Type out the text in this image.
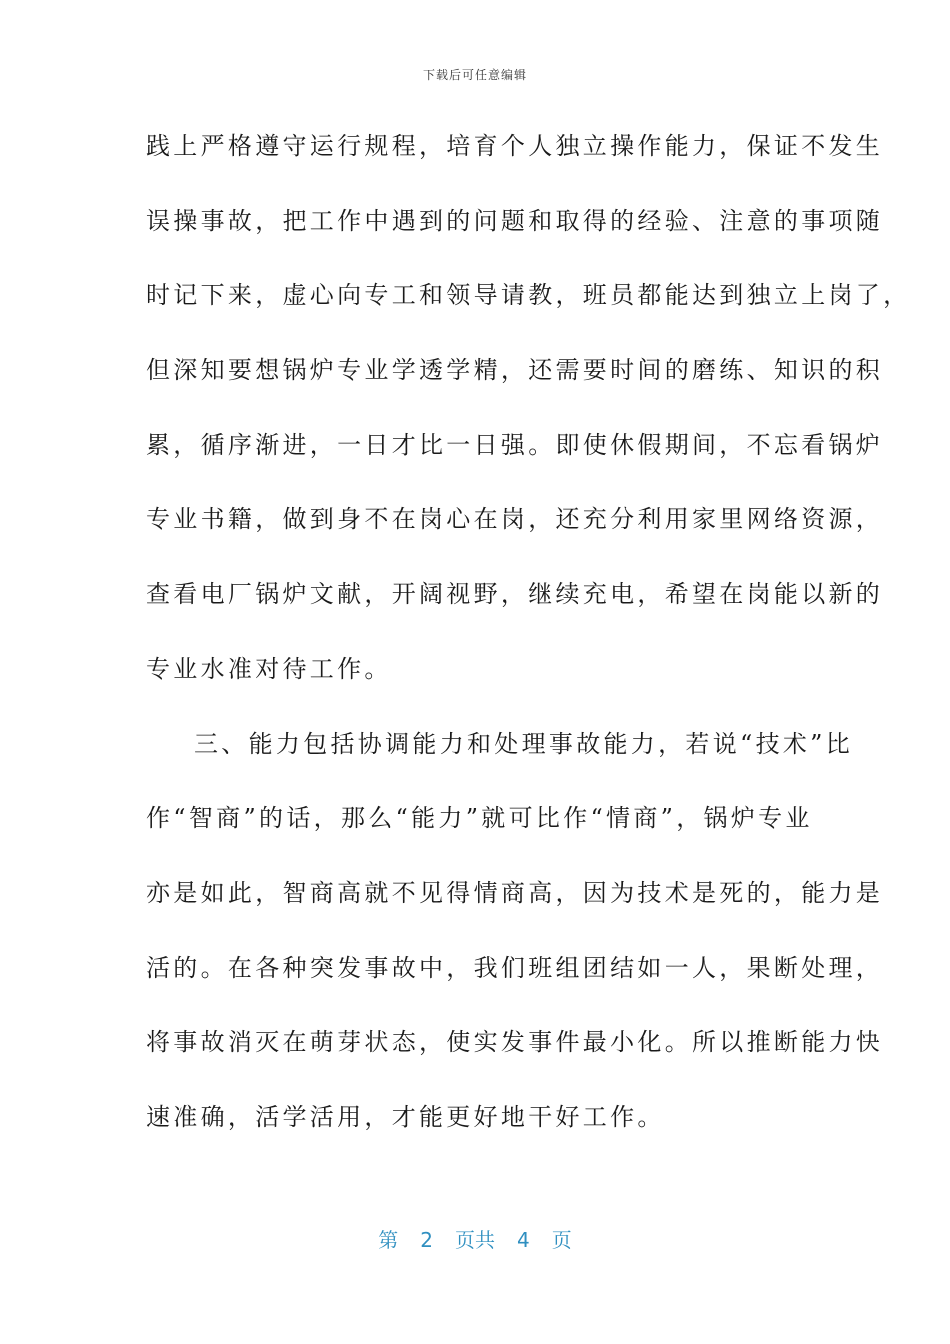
下载后可任意编辑
践上严格遵守运行规程，培育个人独立操作能力，保证不发生
误操事故，把工作中遇到的问题和取得的经验、注意的事项随
时记下来，虚心向专工和领导请教，班员都能达到独立上岗了，
但深知要想锅炉专业学透学精，还需要时间的磨练、知识的积
累，循序渐进，一日才比一日强。即使休假期间，不忘看锅炉
专业书籍，做到身不在岗心在岗，还充分利用家里网络资源，
查看电厂锅炉文献，开阔视野，继续充电，希望在岗能以新的
专业水准对待工作。
三、能力包括协调能力和处理事故能力，若说“技术”比
作“智商”的话，那么“能力”就可比作“情商”，锅炉专业
亦是如此，智商高就不见得情商高，因为技术是死的，能力是
活的。在各种突发事故中，我们班组团结如一人，果断处理，
将事故消灭在萌芽状态，使实发事件最小化。所以推断能力快
速准确，活学活用，才能更好地干好工作。
第 2 页共 4 页
